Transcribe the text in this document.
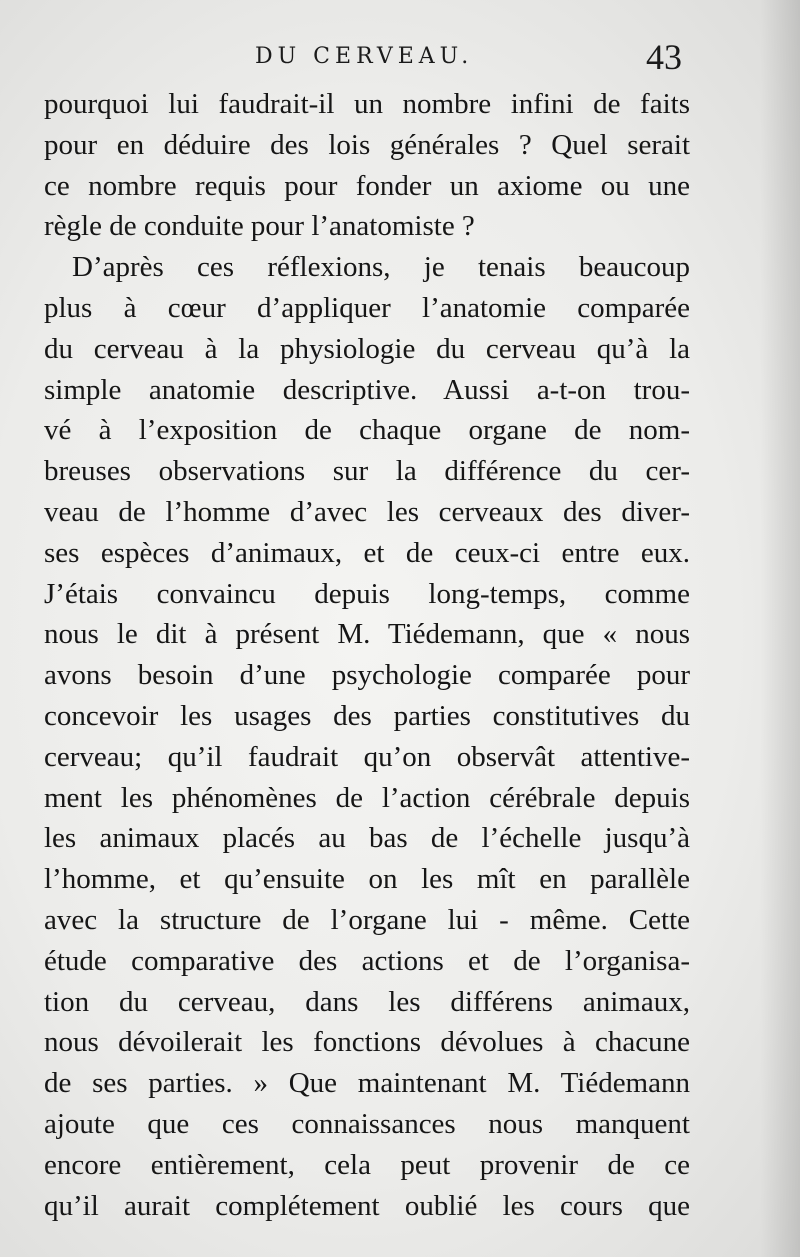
DU CERVEAU.	43
pourquoi lui faudrait-il un nombre infini de faits
pour en déduire des lois générales ? Quel serait
ce nombre requis pour fonder un axiome ou une
règle de conduite pour l’anatomiste ?
D’après ces réflexions, je tenais beaucoup
plus à cœur d’appliquer l’anatomie comparée
du cerveau à la physiologie du cerveau qu’à la
simple anatomie descriptive. Aussi a-t-on trou-
vé à l’exposition de chaque organe de nom-
breuses observations sur la différence du cer-
veau de l’homme d’avec les cerveaux des diver-
ses espèces d’animaux, et de ceux-ci entre eux.
J’étais convaincu depuis long-temps, comme
nous le dit à présent M. Tiédemann, que « nous
avons besoin d’une psychologie comparée pour
concevoir les usages des parties constitutives du
cerveau; qu’il faudrait qu’on observât attentive-
ment les phénomènes de l’action cérébrale depuis
les animaux placés au bas de l’échelle jusqu’à
l’homme, et qu’ensuite on les mît en parallèle
avec la structure de l’organe lui - même. Cette
étude comparative des actions et de l’organisa-
tion du cerveau, dans les différens animaux,
nous dévoilerait les fonctions dévolues à chacune
de ses parties. » Que maintenant M. Tiédemann
ajoute que ces connaissances nous manquent
encore entièrement, cela peut provenir de ce
qu’il aurait complétement oublié les cours que
